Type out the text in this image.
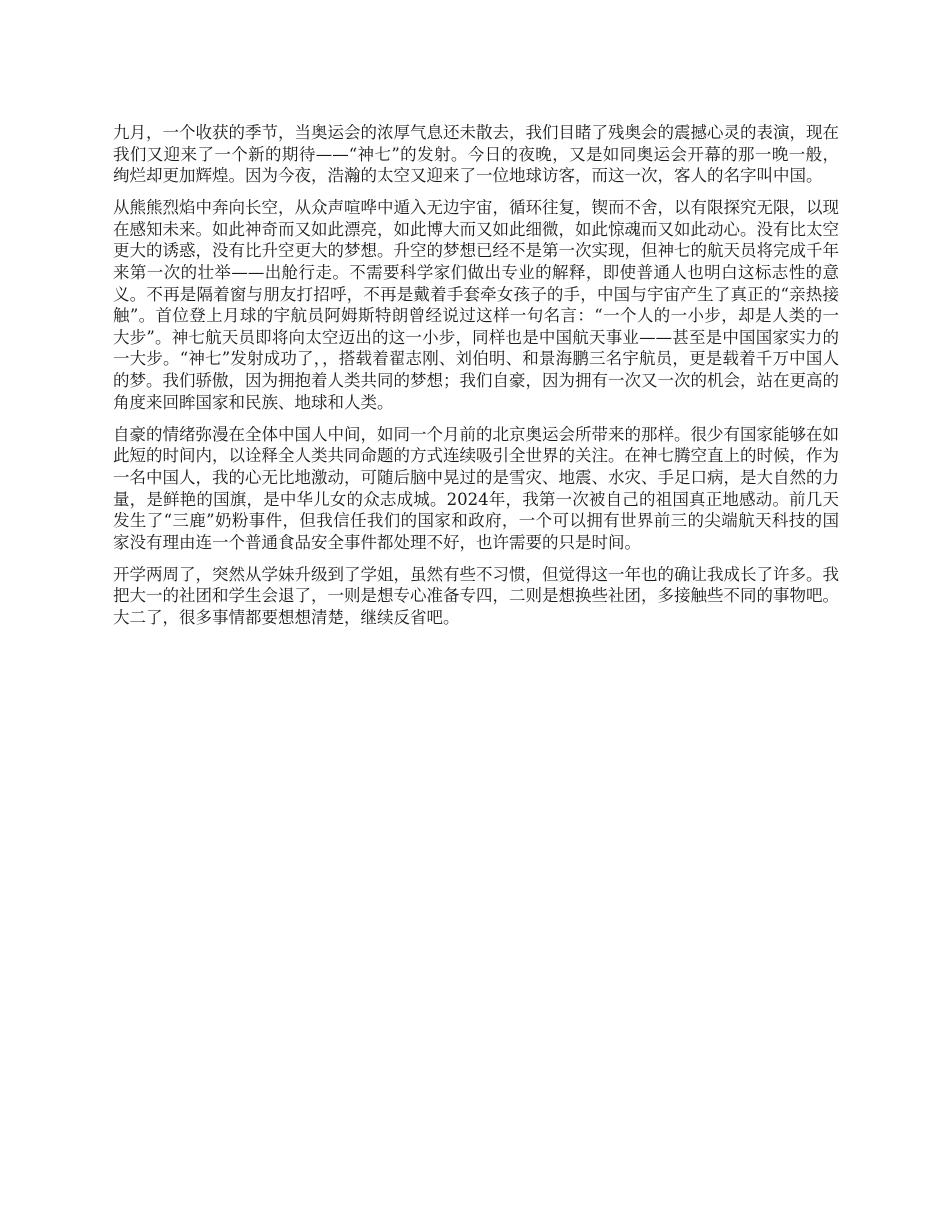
九月，一个收获的季节，当奥运会的浓厚气息还未散去，我们目睹了残奥会的震撼心灵的表演，现在我们又迎来了一个新的期待——“神七”的发射。今日的夜晚，又是如同奥运会开幕的那一晚一般，绚烂却更加辉煌。因为今夜，浩瀚的太空又迎来了一位地球访客，而这一次，客人的名字叫中国。

从熊熊烈焰中奔向长空，从众声喧哗中遁入无边宇宙，循环往复，锲而不舍，以有限探究无限，以现在感知未来。如此神奇而又如此漂亮，如此博大而又如此细微，如此惊魂而又如此动心。没有比太空更大的诱惑，没有比升空更大的梦想。升空的梦想已经不是第一次实现，但神七的航天员将完成千年来第一次的壮举——出舱行走。不需要科学家们做出专业的解释，即使普通人也明白这标志性的意义。不再是隔着窗与朋友打招呼，不再是戴着手套牵女孩子的手，中国与宇宙产生了真正的“亲热接触”。首位登上月球的宇航员阿姆斯特朗曾经说过这样一句名言：“一个人的一小步，却是人类的一大步”。神七航天员即将向太空迈出的这一小步，同样也是中国航天事业——甚至是中国国家实力的一大步。“神七”发射成功了，，搭载着翟志刚、刘伯明、和景海鹏三名宇航员，更是载着千万中国人的梦。我们骄傲，因为拥抱着人类共同的梦想；我们自豪，因为拥有一次又一次的机会，站在更高的角度来回眸国家和民族、地球和人类。

自豪的情绪弥漫在全体中国人中间，如同一个月前的北京奥运会所带来的那样。很少有国家能够在如此短的时间内，以诠释全人类共同命题的方式连续吸引全世界的关注。在神七腾空直上的时候，作为一名中国人，我的心无比地激动，可随后脑中晃过的是雪灾、地震、水灾、手足口病，是大自然的力量，是鲜艳的国旗，是中华儿女的众志成城。2024年，我第一次被自己的祖国真正地感动。前几天发生了“三鹿”奶粉事件，但我信任我们的国家和政府，一个可以拥有世界前三的尖端航天科技的国家没有理由连一个普通食品安全事件都处理不好，也许需要的只是时间。

开学两周了，突然从学妹升级到了学姐，虽然有些不习惯，但觉得这一年也的确让我成长了许多。我把大一的社团和学生会退了，一则是想专心准备专四，二则是想换些社团，多接触些不同的事物吧。大二了，很多事情都要想想清楚，继续反省吧。
